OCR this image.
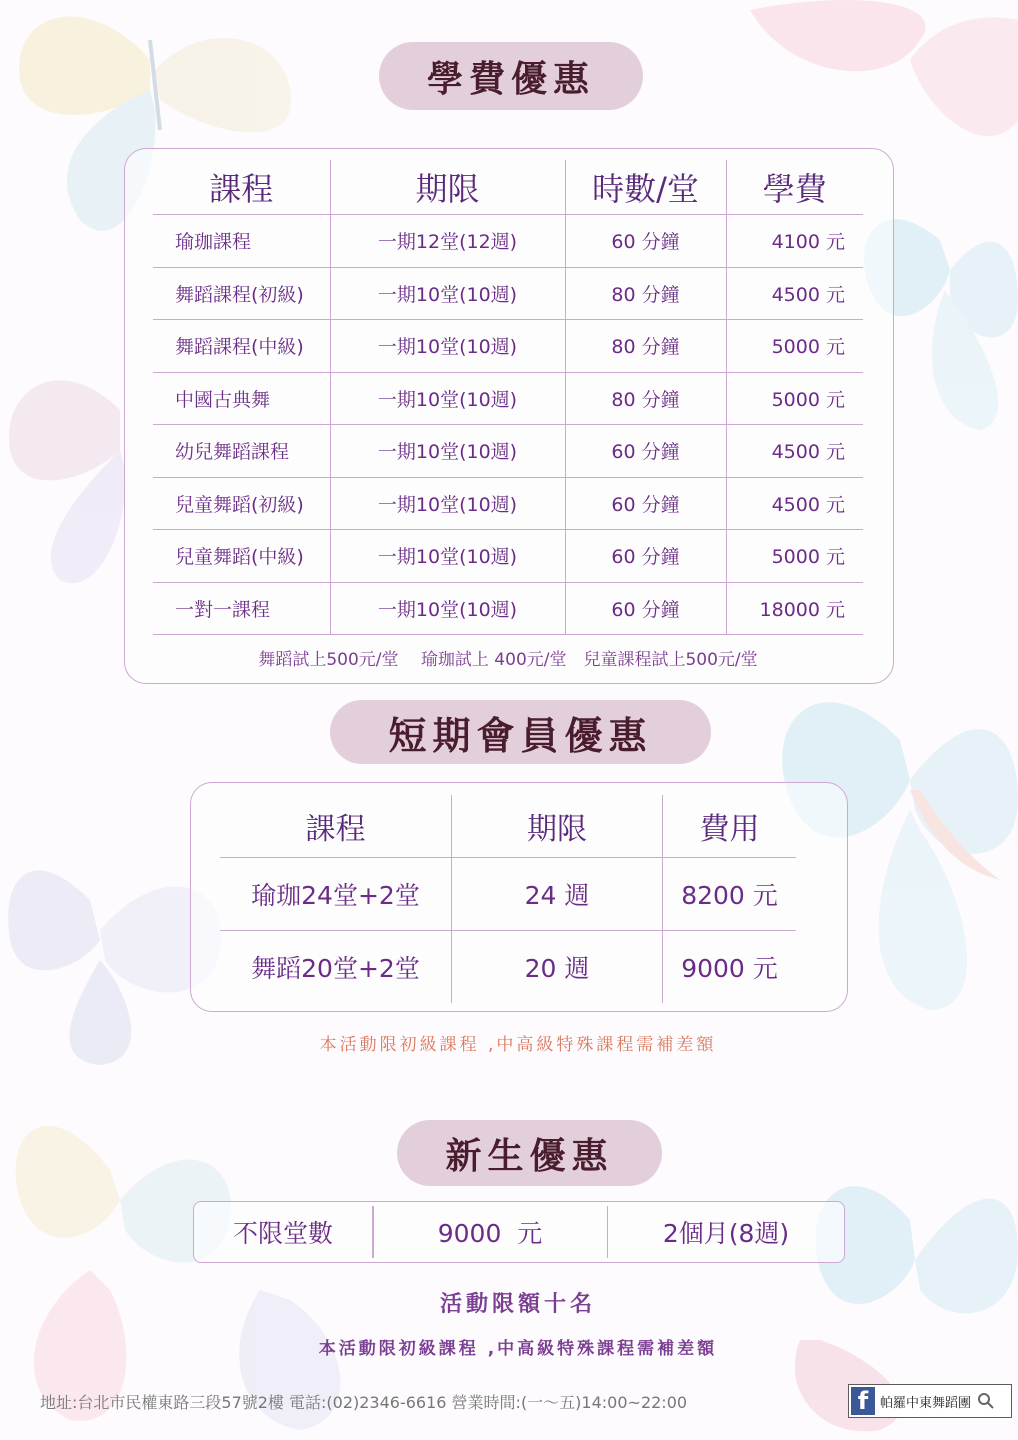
學費優惠
課程	期限	時數/堂	學費
瑜珈課程	一期12堂(12週)	60 分鐘	4100 元
舞蹈課程(初級)	一期10堂(10週)	80 分鐘	4500 元
舞蹈課程(中級)	一期10堂(10週)	80 分鐘	5000 元
中國古典舞	一期10堂(10週)	80 分鐘	5000 元
幼兒舞蹈課程	一期10堂(10週)	60 分鐘	4500 元
兒童舞蹈(初級)	一期10堂(10週)	60 分鐘	4500 元
兒童舞蹈(中級)	一期10堂(10週)	60 分鐘	5000 元
一對一課程	一期10堂(10週)	60 分鐘	18000 元
舞蹈試上500元/堂　 瑜珈試上 400元/堂　兒童課程試上500元/堂
短期會員優惠
課程	期限	費用
瑜珈24堂+2堂	24 週	8200 元
舞蹈20堂+2堂	20 週	9000 元
本活動限初級課程 ,中高級特殊課程需補差額
新生優惠
不限堂數	9000  元	2個月(8週)
活動限額十名
本活動限初級課程 ,中高級特殊課程需補差額
地址:台北市民權東路三段57號2樓 電話:(02)2346-6616 營業時間:(一～五)14:00~22:00	f 帕羅中東舞蹈團
